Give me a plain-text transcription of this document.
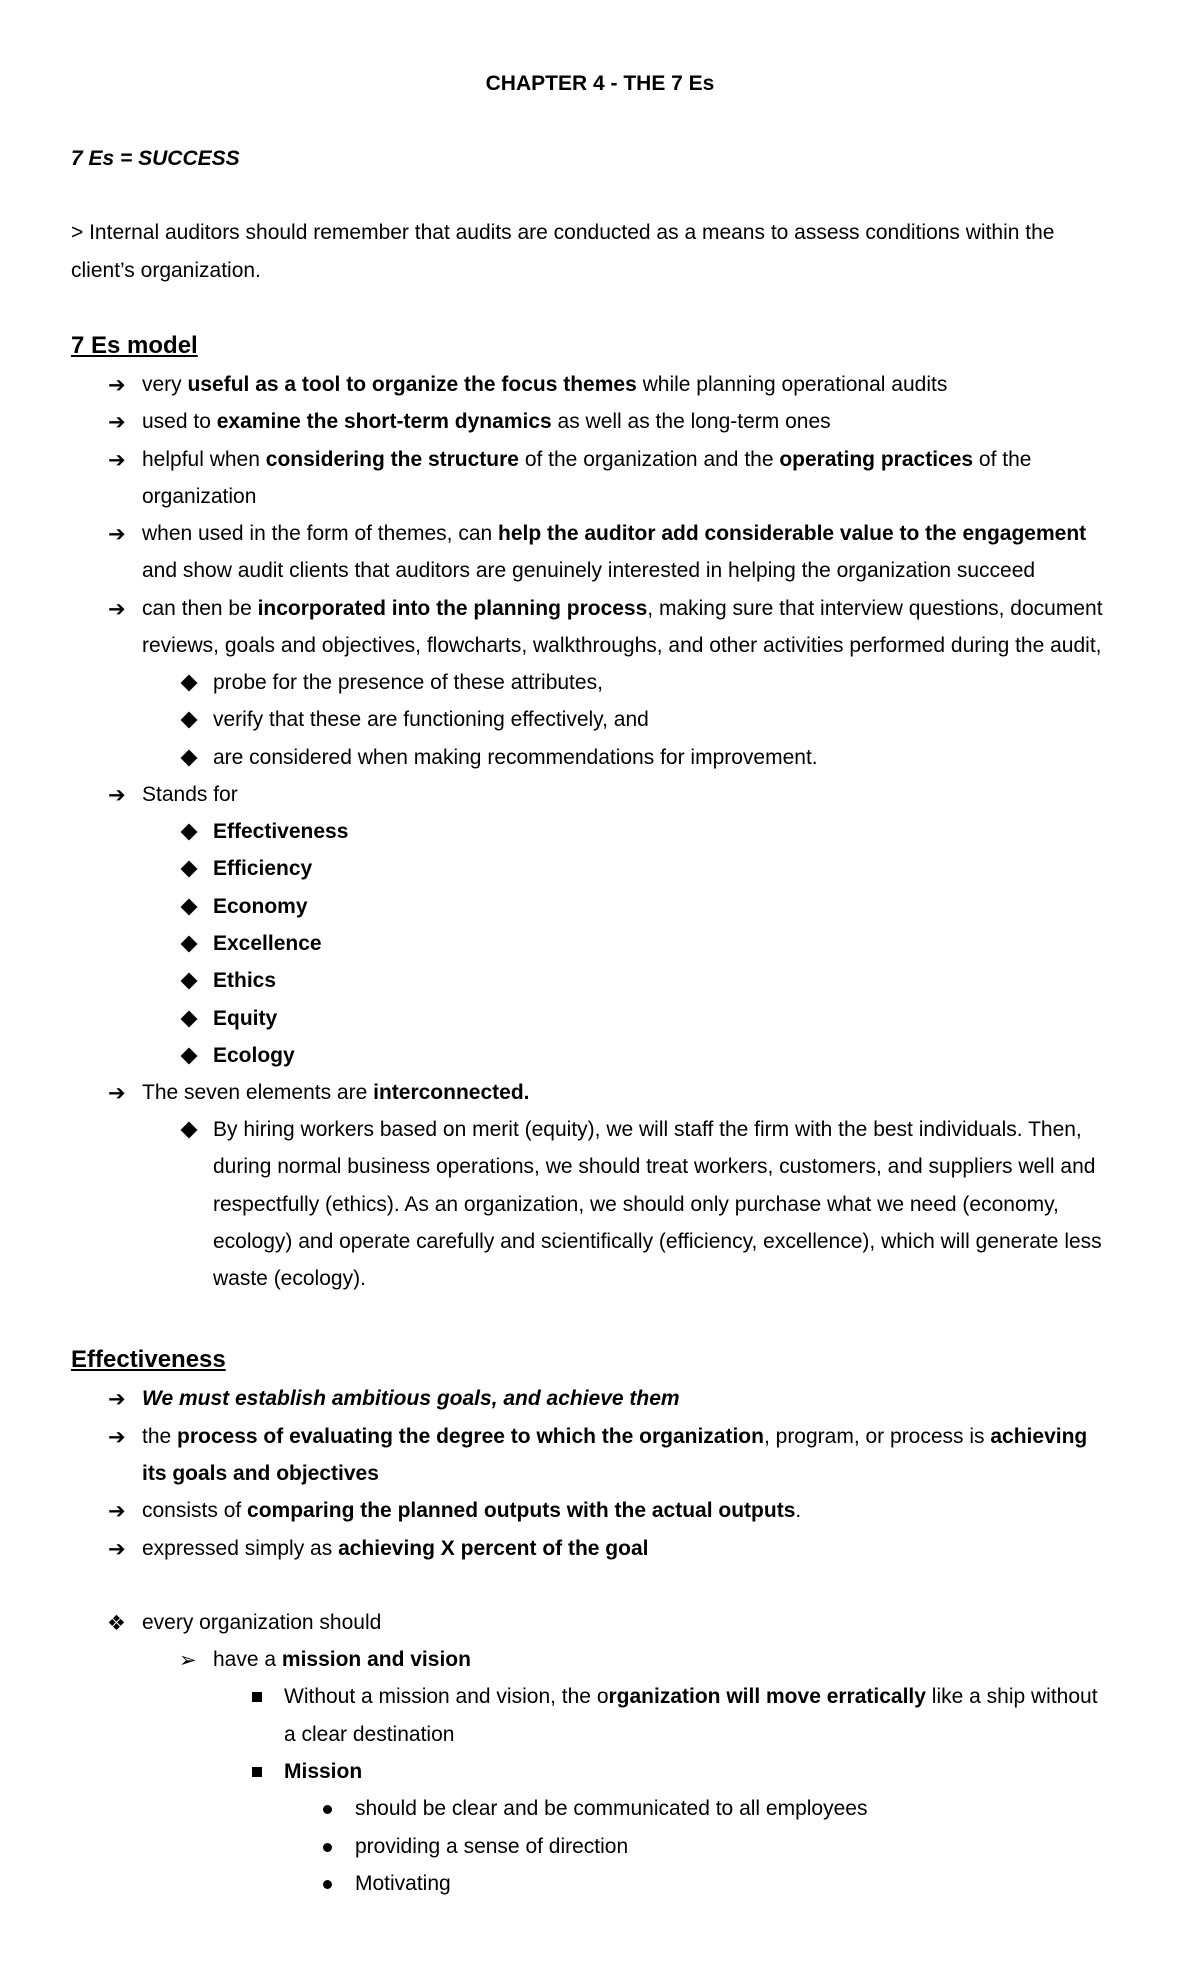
CHAPTER 4 - THE 7 Es
7 Es = SUCCESS
> Internal auditors should remember that audits are conducted as a means to assess conditions within the
client’s organization.
7 Es model
➔ very useful as a tool to organize the focus themes while planning operational audits
➔ used to examine the short-term dynamics as well as the long-term ones
➔ helpful when considering the structure of the organization and the operating practices of the
organization
➔ when used in the form of themes, can help the auditor add considerable value to the engagement
and show audit clients that auditors are genuinely interested in helping the organization succeed
➔ can then be incorporated into the planning process, making sure that interview questions, document
reviews, goals and objectives, flowcharts, walkthroughs, and other activities performed during the audit,
probe for the presence of these attributes,
verify that these are functioning effectively, and
are considered when making recommendations for improvement.
➔ Stands for
Effectiveness
Efficiency
Economy
Excellence
Ethics
Equity
Ecology
➔ The seven elements are interconnected.
By hiring workers based on merit (equity), we will staff the firm with the best individuals. Then,
during normal business operations, we should treat workers, customers, and suppliers well and
respectfully (ethics). As an organization, we should only purchase what we need (economy,
ecology) and operate carefully and scientifically (efficiency, excellence), which will generate less
waste (ecology).
Effectiveness
➔ We must establish ambitious goals, and achieve them
➔ the process of evaluating the degree to which the organization, program, or process is achieving
its goals and objectives
➔ consists of comparing the planned outputs with the actual outputs.
➔ expressed simply as achieving X percent of the goal
❖ every organization should
➢ have a mission and vision
Without a mission and vision, the organization will move erratically like a ship without
a clear destination
Mission
should be clear and be communicated to all employees
providing a sense of direction
Motivating
